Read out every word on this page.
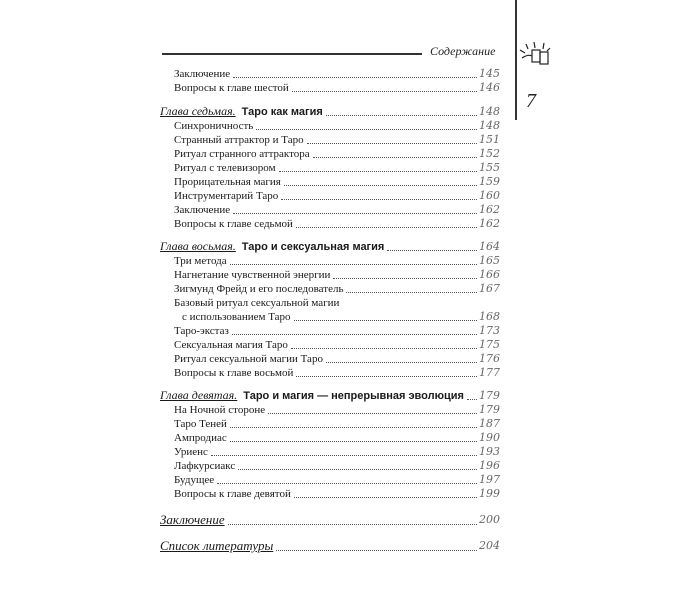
Содержание
7
Заключение	145
Вопросы к главе шестой	146
Глава седьмая. Таро как магия	148
Синхроничность	148
Странный аттрактор и Таро	151
Ритуал странного аттрактора	152
Ритуал с телевизором	155
Прорицательная магия	159
Инструментарий Таро	160
Заключение	162
Вопросы к главе седьмой	162
Глава восьмая. Таро и сексуальная магия	164
Три метода	165
Нагнетание чувственной энергии	166
Зигмунд Фрейд и его последователь	167
Базовый ритуал сексуальной магии
с использованием Таро	168
Таро-экстаз	173
Сексуальная магия Таро	175
Ритуал сексуальной магии Таро	176
Вопросы к главе восьмой	177
Глава девятая. Таро и магия — непрерывная эволюция 179
На Ночной стороне	179
Таро Теней	187
Ампродиас	190
Уриенс	193
Лафкурсиакс	196
Будущее	197
Вопросы к главе девятой	199
Заключение	200
Список литературы	204
